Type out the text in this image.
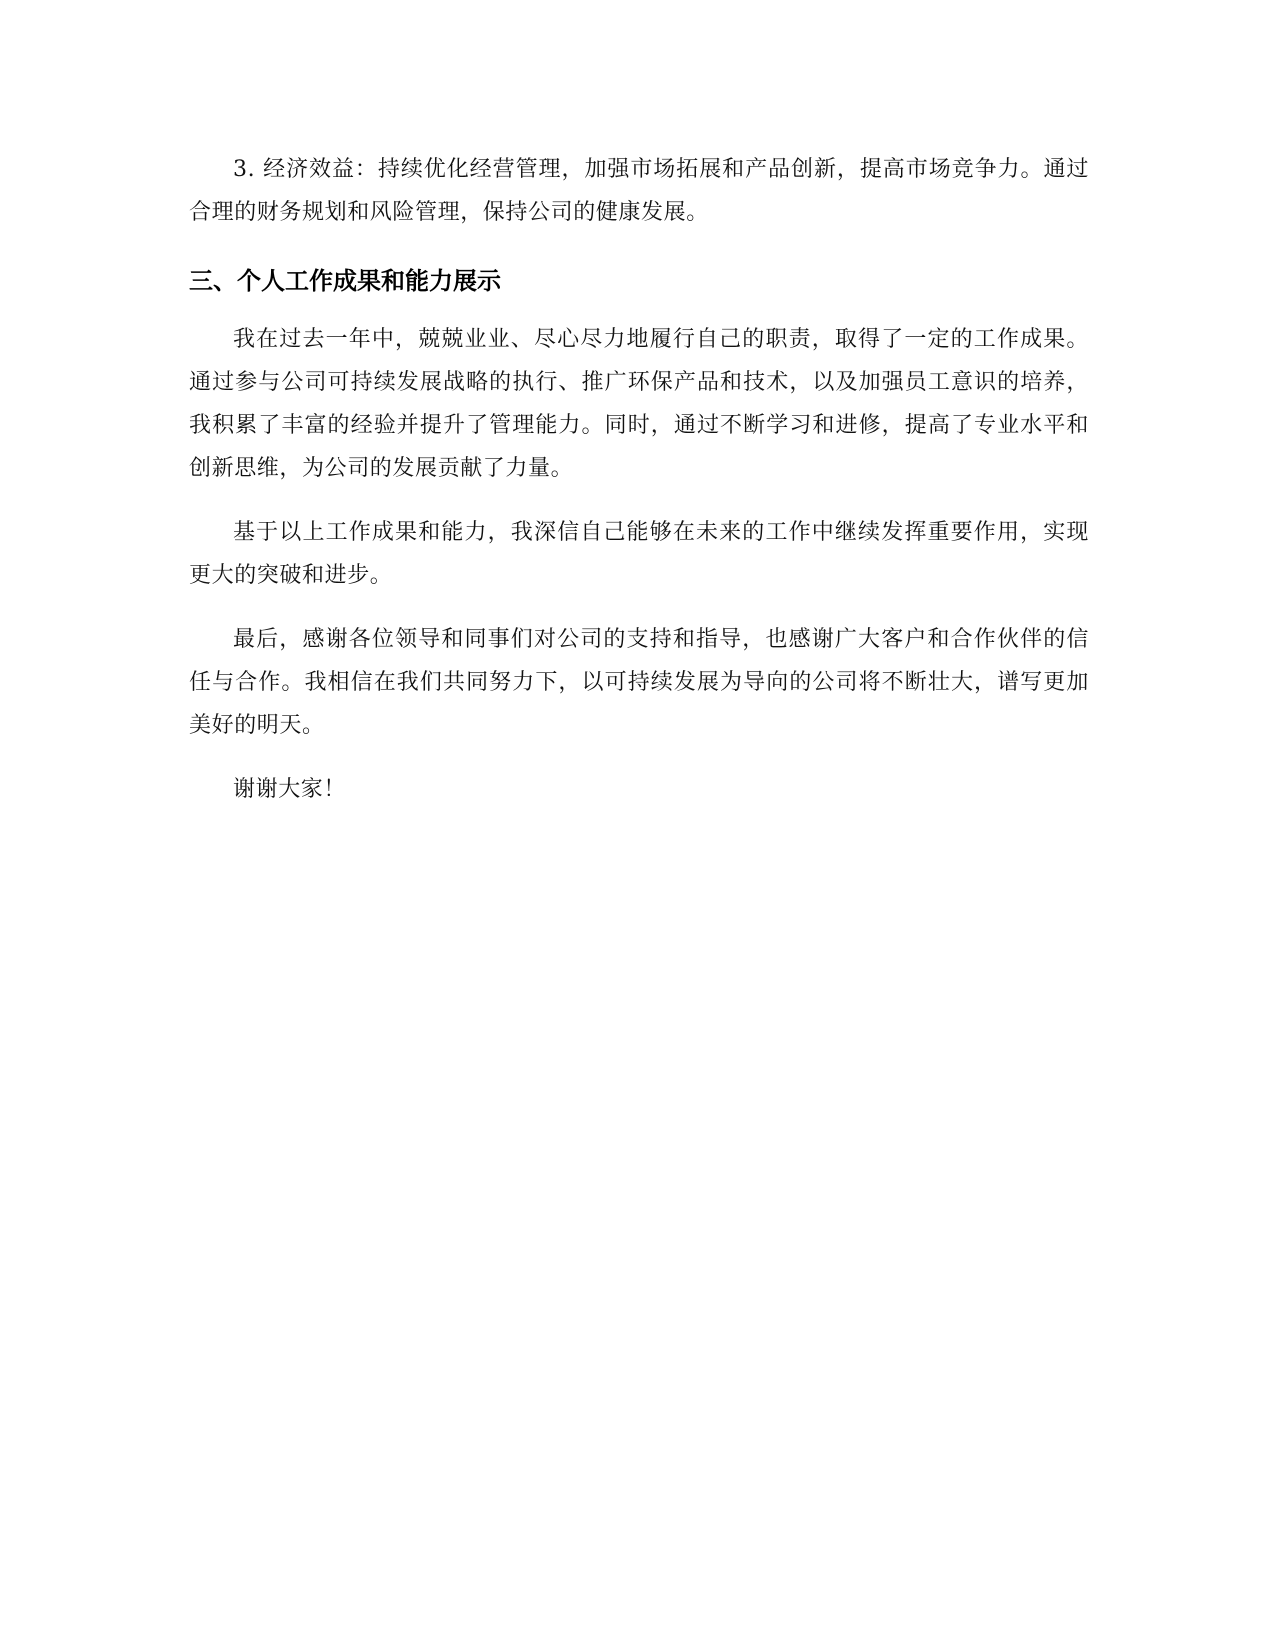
3. 经济效益：持续优化经营管理，加强市场拓展和产品创新，提高市场竞争力。通过合理的财务规划和风险管理，保持公司的健康发展。

三、个人工作成果和能力展示

我在过去一年中，兢兢业业、尽心尽力地履行自己的职责，取得了一定的工作成果。通过参与公司可持续发展战略的执行、推广环保产品和技术，以及加强员工意识的培养，我积累了丰富的经验并提升了管理能力。同时，通过不断学习和进修，提高了专业水平和创新思维，为公司的发展贡献了力量。

基于以上工作成果和能力，我深信自己能够在未来的工作中继续发挥重要作用，实现更大的突破和进步。

最后，感谢各位领导和同事们对公司的支持和指导，也感谢广大客户和合作伙伴的信任与合作。我相信在我们共同努力下，以可持续发展为导向的公司将不断壮大，谱写更加美好的明天。

谢谢大家！
